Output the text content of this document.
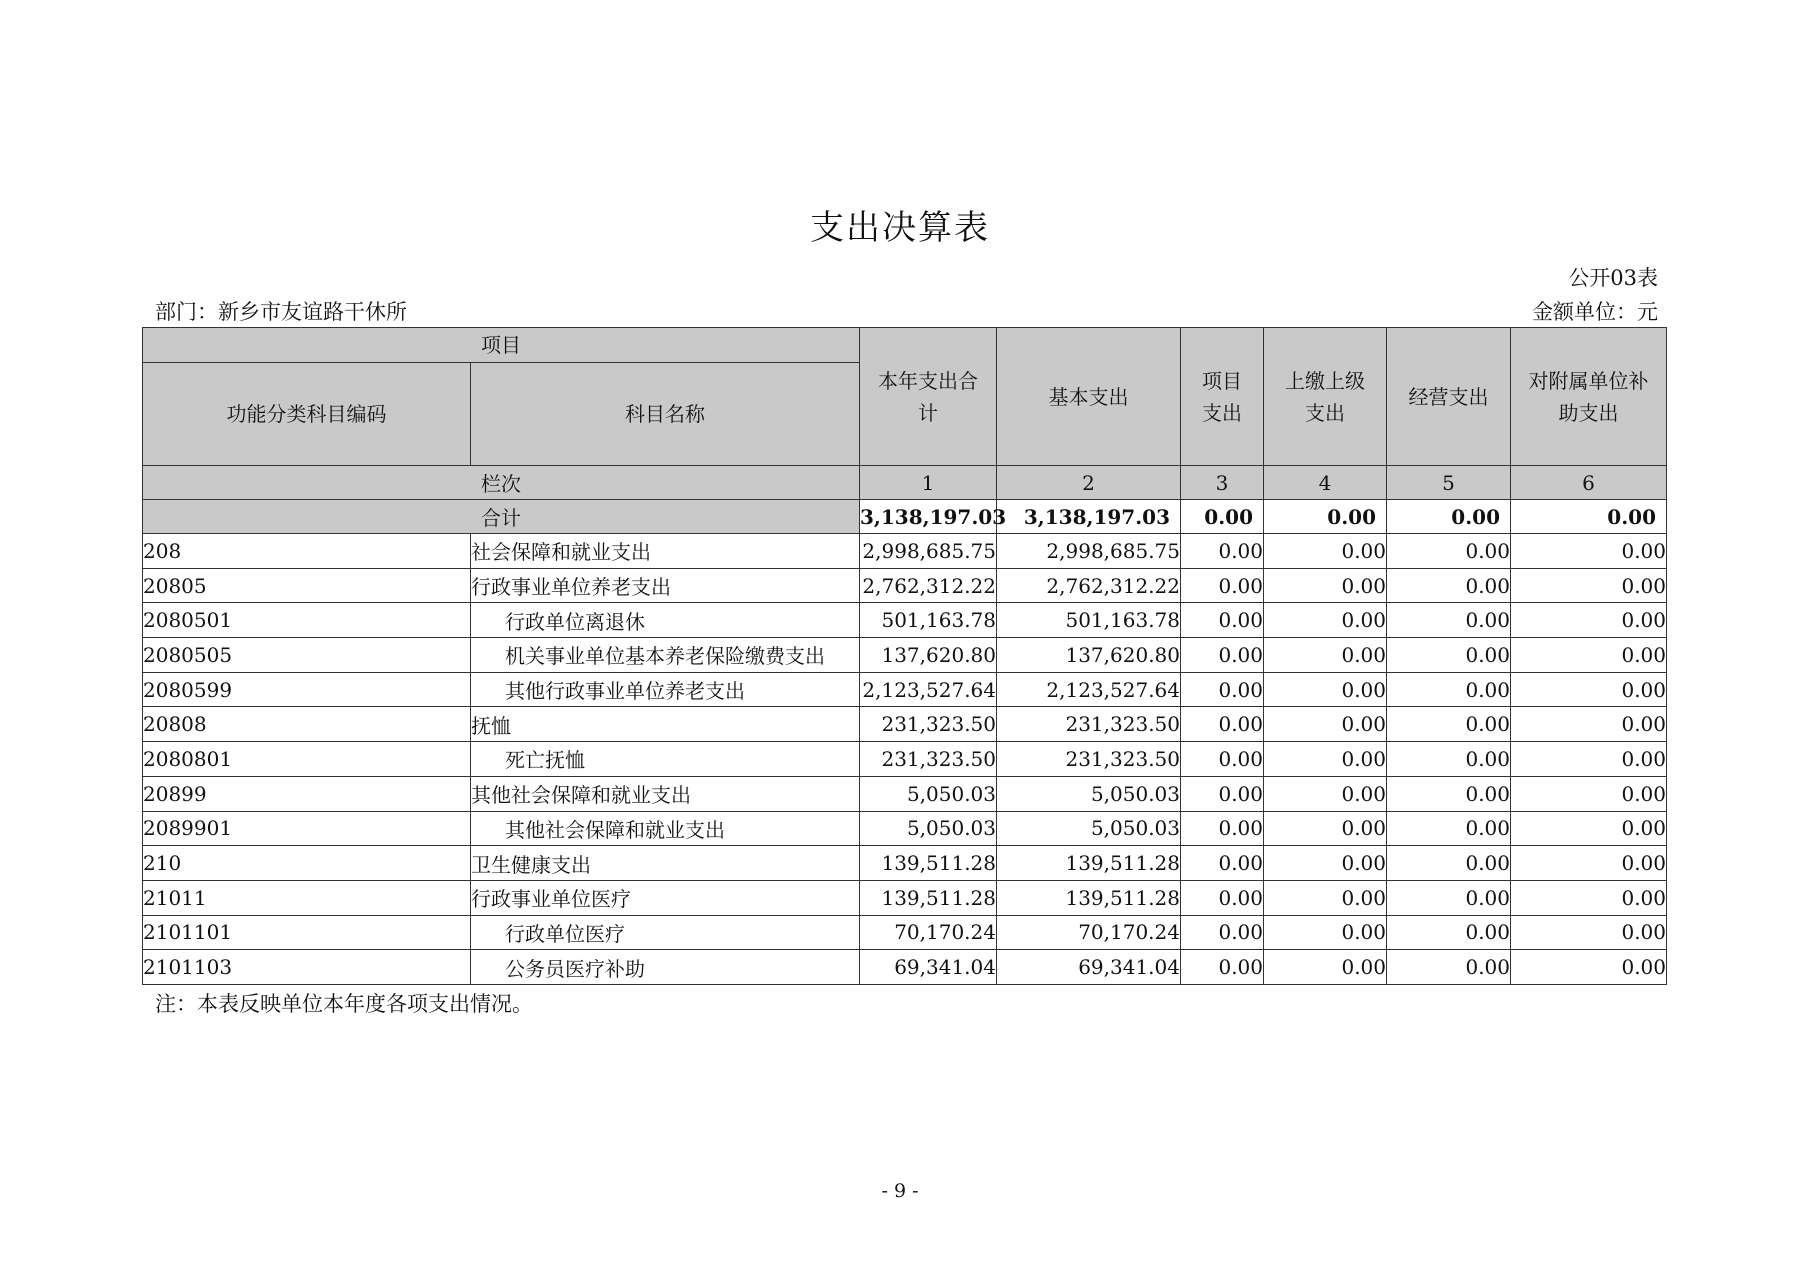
支出决算表
公开03表
部门：新乡市友谊路干休所	金额单位：元
项目		本年支出合计	基本支出	项目支出	上缴上级支出	经营支出	对附属单位补助支出
功能分类科目编码	科目名称						
栏次		1	2	3	4	5	6
合计		3,138,197.03	3,138,197.03	0.00	0.00	0.00	0.00
208	社会保障和就业支出	2,998,685.75	2,998,685.75	0.00	0.00	0.00	0.00
20805	行政事业单位养老支出	2,762,312.22	2,762,312.22	0.00	0.00	0.00	0.00
2080501	行政单位离退休	501,163.78	501,163.78	0.00	0.00	0.00	0.00
2080505	机关事业单位基本养老保险缴费支出	137,620.80	137,620.80	0.00	0.00	0.00	0.00
2080599	其他行政事业单位养老支出	2,123,527.64	2,123,527.64	0.00	0.00	0.00	0.00
20808	抚恤	231,323.50	231,323.50	0.00	0.00	0.00	0.00
2080801	死亡抚恤	231,323.50	231,323.50	0.00	0.00	0.00	0.00
20899	其他社会保障和就业支出	5,050.03	5,050.03	0.00	0.00	0.00	0.00
2089901	其他社会保障和就业支出	5,050.03	5,050.03	0.00	0.00	0.00	0.00
210	卫生健康支出	139,511.28	139,511.28	0.00	0.00	0.00	0.00
21011	行政事业单位医疗	139,511.28	139,511.28	0.00	0.00	0.00	0.00
2101101	行政单位医疗	70,170.24	70,170.24	0.00	0.00	0.00	0.00
2101103	公务员医疗补助	69,341.04	69,341.04	0.00	0.00	0.00	0.00
注：本表反映单位本年度各项支出情况。
- 9 -
